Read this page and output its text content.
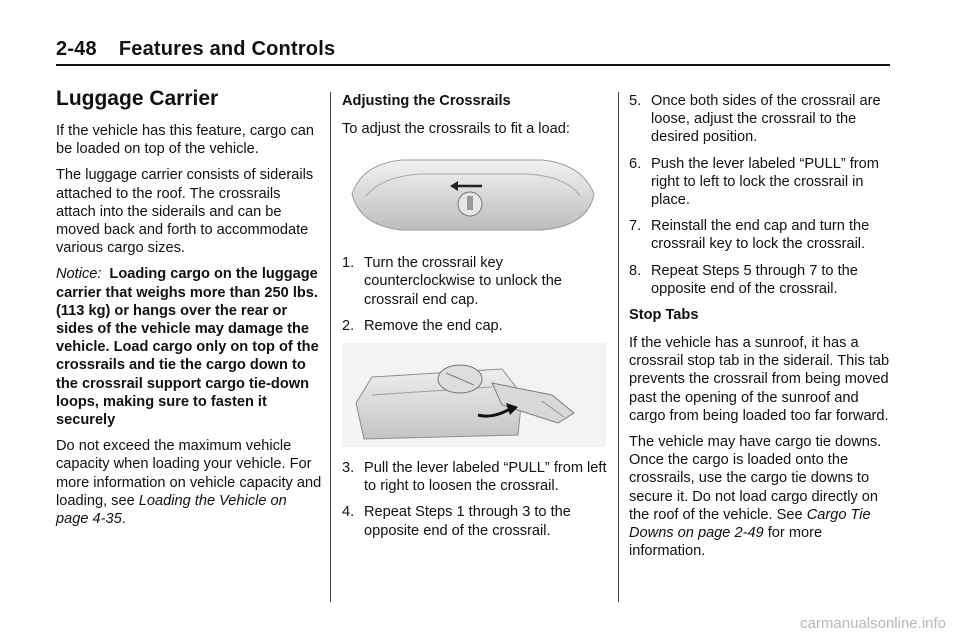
2-48 Features and Controls
Luggage Carrier

If the vehicle has this feature, cargo can be loaded on top of the vehicle.

The luggage carrier consists of siderails attached to the roof. The crossrails attach into the siderails and can be moved back and forth to accommodate various cargo sizes.

Notice: Loading cargo on the luggage carrier that weighs more than 250 lbs. (113 kg) or hangs over the rear or sides of the vehicle may damage the vehicle. Load cargo only on top of the crossrails and tie the cargo down to the crossrail support cargo tie-down loops, making sure to fasten it securely

Do not exceed the maximum vehicle capacity when loading your vehicle. For more information on vehicle capacity and loading, see Loading the Vehicle on page 4-35.

Adjusting the Crossrails

To adjust the crossrails to fit a load:

1. Turn the crossrail key counterclockwise to unlock the crossrail end cap.
2. Remove the end cap.
3. Pull the lever labeled “PULL” from left to right to loosen the crossrail.
4. Repeat Steps 1 through 3 to the opposite end of the crossrail.
5. Once both sides of the crossrail are loose, adjust the crossrail to the desired position.
6. Push the lever labeled “PULL” from right to left to lock the crossrail in place.
7. Reinstall the end cap and turn the crossrail key to lock the crossrail.
8. Repeat Steps 5 through 7 to the opposite end of the crossrail.
Stop Tabs

If the vehicle has a sunroof, it has a crossrail stop tab in the siderail. This tab prevents the crossrail from being moved past the opening of the sunroof and cargo from being loaded too far forward.

The vehicle may have cargo tie downs. Once the cargo is loaded onto the crossrails, use the cargo tie downs to secure it. Do not load cargo directly on the roof of the vehicle. See Cargo Tie Downs on page 2-49 for more information.

carmanualsonline.info
